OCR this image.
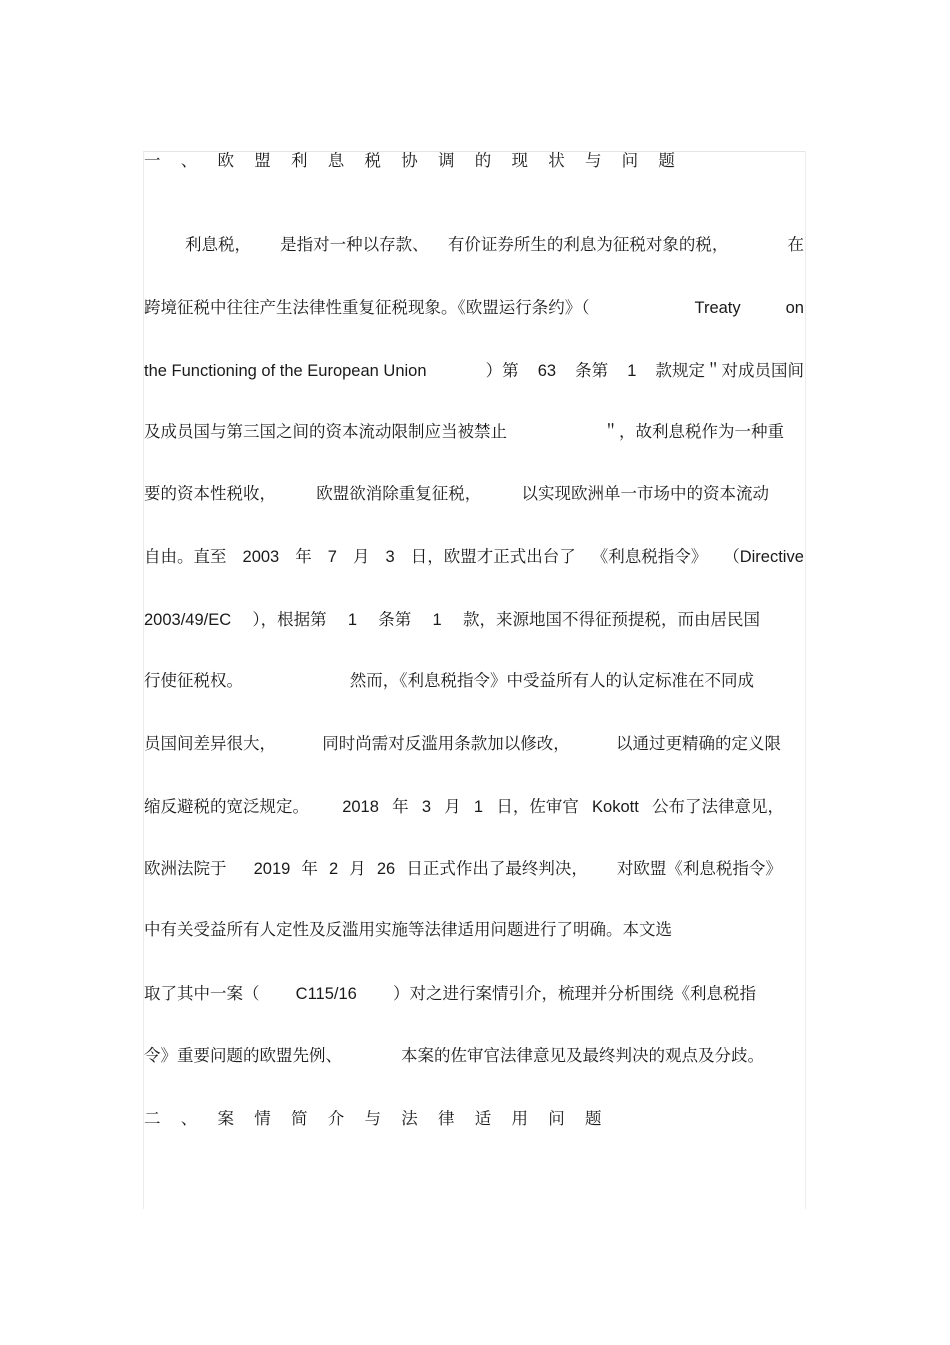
一 、 欧 盟 利 息 税 协 调 的 现 状 与 问 题
利息税， 是指对一种以存款、 有价证券所生的利息为征税对象的税，	在
跨境征税中往往产生法律性重复征税现象。《欧盟运行条约》（	Treaty	on
the Functioning of the European Union	）第 63 条第 1 款规定＂对成员国间
及成员国与第三国之间的资本流动限制应当被禁止	＂，故利息税作为一种重
要的资本性税收， 欧盟欲消除重复征税， 以实现欧洲单一市场中的资本流动
自由。直至 2003 年 7 月 3 日，欧盟才正式出台了 《利息税指令》 （Directive
2003/49/EC ），根据第 1 条第 1 款，来源地国不得征预提税，而由居民国
行使征税权。	然而，《利息税指令》中受益所有人的认定标准在不同成
员国间差异很大，	同时尚需对反滥用条款加以修改，	以通过更精确的定义限
缩反避税的宽泛规定。 2018 年 3 月 1 日，佐审官 Kokott 公布了法律意见，
欧洲法院于 2019 年 2 月 26 日正式作出了最终判决， 对欧盟《利息税指令》
中有关受益所有人定性及反滥用实施等法律适用问题进行了明确。本文选
取了其中一案（ C115/16 ）对之进行案情引介，梳理并分析围绕《利息税指
令》重要问题的欧盟先例、	本案的佐审官法律意见及最终判决的观点及分歧。
二 、 案 情 简 介 与 法 律 适 用 问 题
